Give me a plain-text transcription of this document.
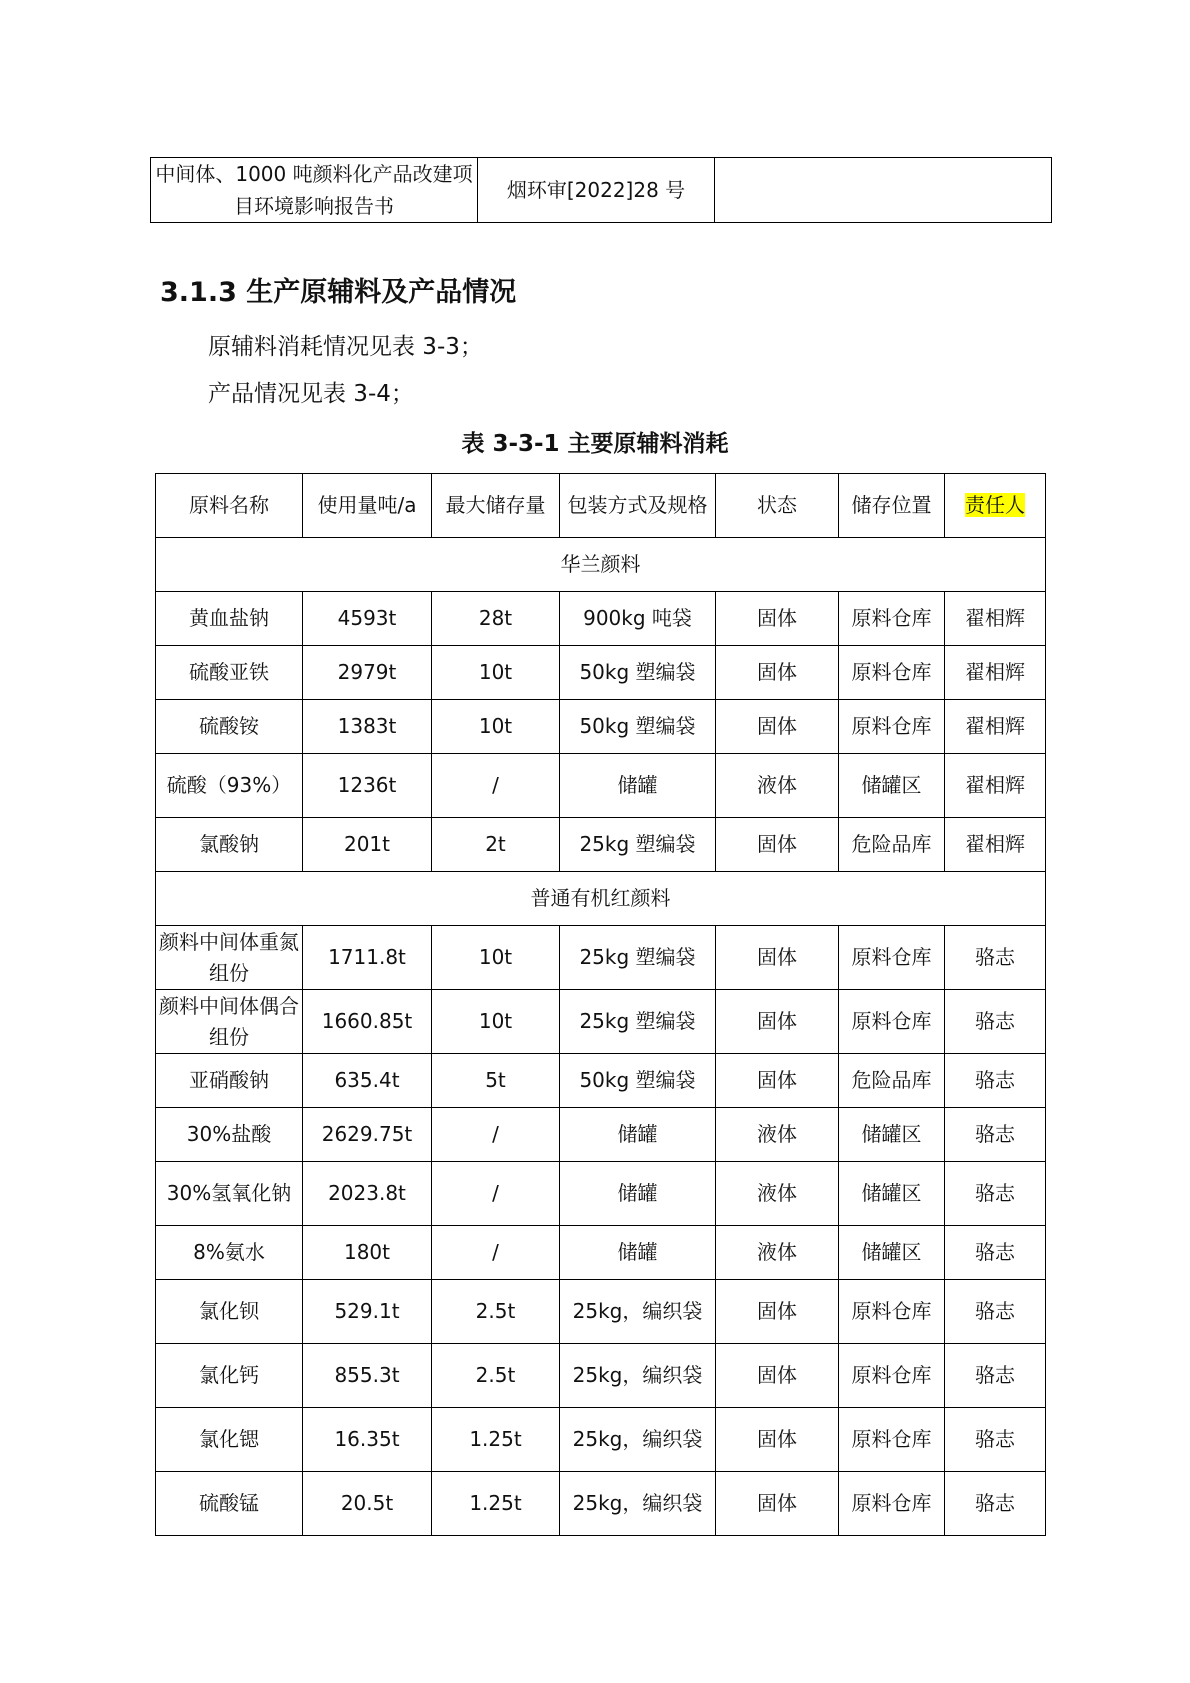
中间体、1000 吨颜料化产品改建项目环境影响报告书	烟环审[2022]28 号	
3.1.3 生产原辅料及产品情况

原辅料消耗情况见表 3-3；

产品情况见表 3-4；

表 3-3-1 主要原辅料消耗

原料名称	使用量吨/a	最大储存量	包装方式及规格	状态	储存位置	责任人
华兰颜料						
黄血盐钠	4593t	28t	900kg 吨袋	固体	原料仓库	翟相辉
硫酸亚铁	2979t	10t	50kg 塑编袋	固体	原料仓库	翟相辉
硫酸铵	1383t	10t	50kg 塑编袋	固体	原料仓库	翟相辉
硫酸（93%）	1236t	/	储罐	液体	储罐区	翟相辉
氯酸钠	201t	2t	25kg 塑编袋	固体	危险品库	翟相辉
普通有机红颜料						
颜料中间体重氮组份	1711.8t	10t	25kg 塑编袋	固体	原料仓库	骆志
颜料中间体偶合组份	1660.85t	10t	25kg 塑编袋	固体	原料仓库	骆志
亚硝酸钠	635.4t	5t	50kg 塑编袋	固体	危险品库	骆志
30%盐酸	2629.75t	/	储罐	液体	储罐区	骆志
30%氢氧化钠	2023.8t	/	储罐	液体	储罐区	骆志
8%氨水	180t	/	储罐	液体	储罐区	骆志
氯化钡	529.1t	2.5t	25kg，编织袋	固体	原料仓库	骆志
氯化钙	855.3t	2.5t	25kg，编织袋	固体	原料仓库	骆志
氯化锶	16.35t	1.25t	25kg，编织袋	固体	原料仓库	骆志
硫酸锰	20.5t	1.25t	25kg，编织袋	固体	原料仓库	骆志
